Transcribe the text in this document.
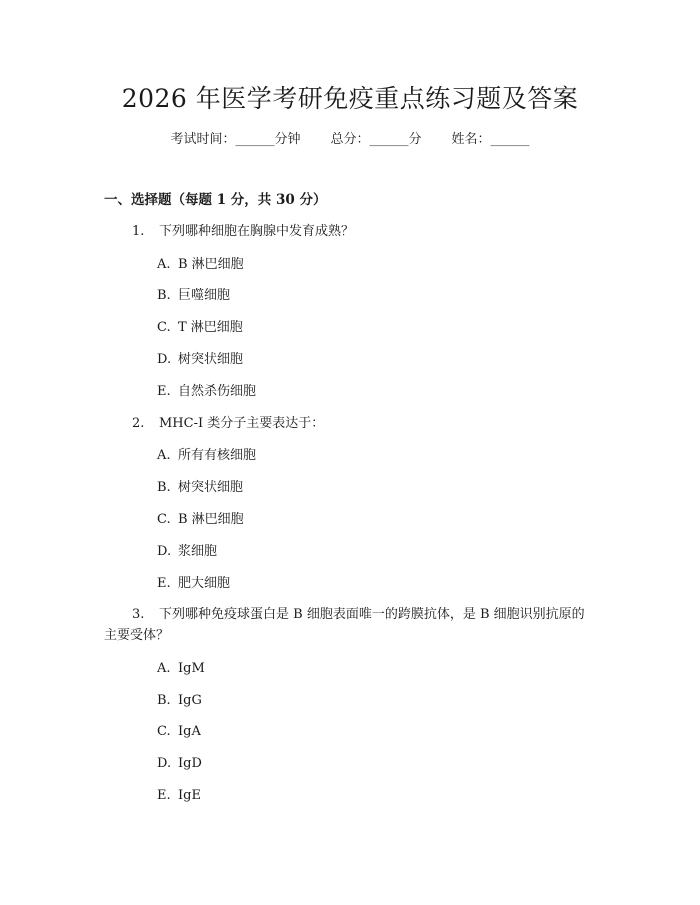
2026 年医学考研免疫重点练习题及答案
考试时间：______分钟 总分：______分 姓名：______
一、选择题（每题 1 分，共 30 分）
1. 下列哪种细胞在胸腺中发育成熟？
A. B 淋巴细胞
B. 巨噬细胞
C. T 淋巴细胞
D. 树突状细胞
E. 自然杀伤细胞
2. MHC-I 类分子主要表达于：
A. 所有有核细胞
B. 树突状细胞
C. B 淋巴细胞
D. 浆细胞
E. 肥大细胞
3. 下列哪种免疫球蛋白是 B 细胞表面唯一的跨膜抗体，是 B 细胞识别抗原的
主要受体？
A. IgM
B. IgG
C. IgA
D. IgD
E. IgE
